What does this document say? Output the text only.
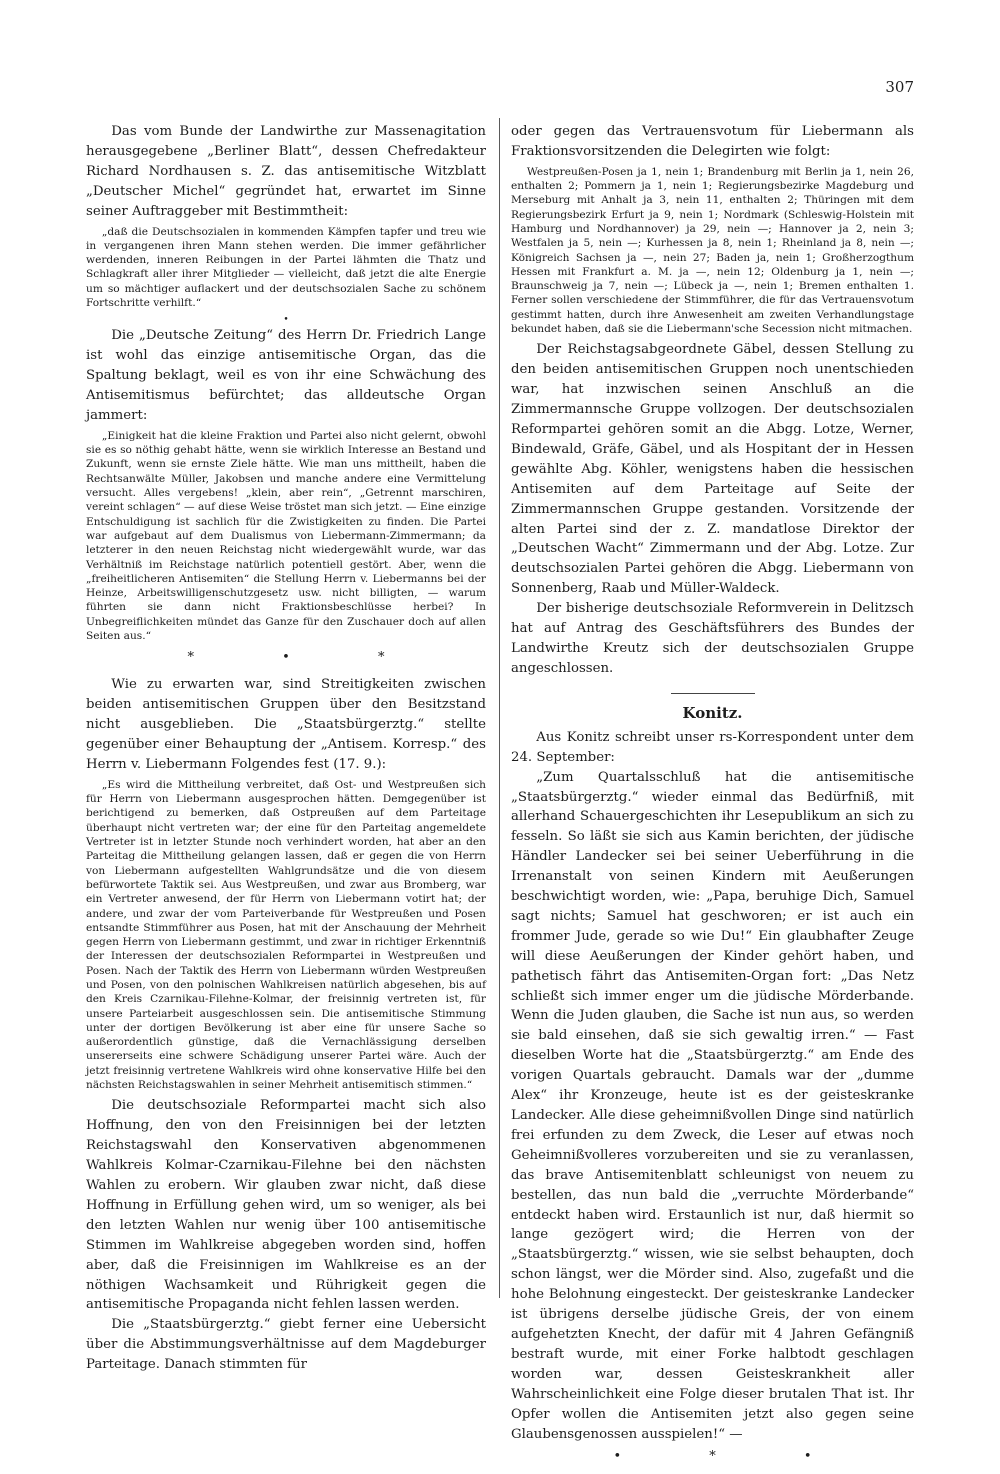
307

Das vom Bunde der Landwirthe zur Massenagitation herausgegebene „Berliner Blatt“, dessen Chefredakteur Richard Nordhausen s. Z. das antisemitische Witzblatt „Deutscher Michel“ gegründet hat, erwartet im Sinne seiner Auftraggeber mit Bestimmtheit:

„daß die Deutschsozialen in kommenden Kämpfen tapfer und treu wie in vergangenen ihren Mann stehen werden. Die immer gefährlicher werdenden, inneren Reibungen in der Partei lähmten die Thatz und Schlagkraft aller ihrer Mitglieder — vielleicht, daß jetzt die alte Energie um so mächtiger auflackert und der deutschsozialen Sache zu schönem Fortschritte verhilft.“

•

Die „Deutsche Zeitung“ des Herrn Dr. Friedrich Lange ist wohl das einzige antisemitische Organ, das die Spaltung beklagt, weil es von ihr eine Schwächung des Antisemitismus befürchtet; das alldeutsche Organ jammert:

„Einigkeit hat die kleine Fraktion und Partei also nicht gelernt, obwohl sie es so nöthig gehabt hätte, wenn sie wirklich Interesse an Bestand und Zukunft, wenn sie ernste Ziele hätte. Wie man uns mittheilt, haben die Rechtsanwälte Müller, Jakobsen und manche andere eine Vermittelung versucht. Alles vergebens! „klein, aber rein“, „Getrennt marschiren, vereint schlagen“ — auf diese Weise tröstet man sich jetzt. — Eine einzige Entschuldigung ist sachlich für die Zwistigkeiten zu finden. Die Partei war aufgebaut auf dem Dualismus von Liebermann-Zimmermann; da letzterer in den neuen Reichstag nicht wiedergewählt wurde, war das Verhältniß im Reichstage natürlich potentiell gestört. Aber, wenn die „freiheitlicheren Antisemiten“ die Stellung Herrn v. Liebermanns bei der Heinze, Arbeitswilligenschutzgesetz usw. nicht billigten, — warum führten sie dann nicht Fraktionsbeschlüsse herbei? In Unbegreiflichkeiten mündet das Ganze für den Zuschauer doch auf allen Seiten aus.“

* • *

Wie zu erwarten war, sind Streitigkeiten zwischen beiden antisemitischen Gruppen über den Besitzstand nicht ausgeblieben. Die „Staatsbürgerztg.“ stellte gegenüber einer Behauptung der „Antisem. Korresp.“ des Herrn v. Liebermann Folgendes fest (17. 9.):

„Es wird die Mittheilung verbreitet, daß Ost- und Westpreußen sich für Herrn von Liebermann ausgesprochen hätten. Demgegenüber ist berichtigend zu bemerken, daß Ostpreußen auf dem Parteitage überhaupt nicht vertreten war; der eine für den Parteitag angemeldete Vertreter ist in letzter Stunde noch verhindert worden, hat aber an den Parteitag die Mittheilung gelangen lassen, daß er gegen die von Herrn von Liebermann aufgestellten Wahlgrundsätze und die von diesem befürwortete Taktik sei. Aus Westpreußen, und zwar aus Bromberg, war ein Vertreter anwesend, der für Herrn von Liebermann votirt hat; der andere, und zwar der vom Parteiverbande für Westpreußen und Posen entsandte Stimmführer aus Posen, hat mit der Anschauung der Mehrheit gegen Herrn von Liebermann gestimmt, und zwar in richtiger Erkenntniß der Interessen der deutschsozialen Reformpartei in Westpreußen und Posen. Nach der Taktik des Herrn von Liebermann würden Westpreußen und Posen, von den polnischen Wahlkreisen natürlich abgesehen, bis auf den Kreis Czarnikau-Filehne-Kolmar, der freisinnig vertreten ist, für unsere Parteiarbeit ausgeschlossen sein. Die antisemitische Stimmung unter der dortigen Bevölkerung ist aber eine für unsere Sache so außerordentlich günstige, daß die Vernachlässigung derselben unsererseits eine schwere Schädigung unserer Partei wäre. Auch der jetzt freisinnig vertretene Wahlkreis wird ohne konservative Hilfe bei den nächsten Reichstagswahlen in seiner Mehrheit antisemitisch stimmen.“

Die deutschsoziale Reformpartei macht sich also Hoffnung, den von den Freisinnigen bei der letzten Reichstagswahl den Konservativen abgenommenen Wahlkreis Kolmar-Czarnikau-Filehne bei den nächsten Wahlen zu erobern. Wir glauben zwar nicht, daß diese Hoffnung in Erfüllung gehen wird, um so weniger, als bei den letzten Wahlen nur wenig über 100 antisemitische Stimmen im Wahlkreise abgegeben worden sind, hoffen aber, daß die Freisinnigen im Wahlkreise es an der nöthigen Wachsamkeit und Rührigkeit gegen die antisemitische Propaganda nicht fehlen lassen werden.

Die „Staatsbürgerztg.“ giebt ferner eine Uebersicht über die Abstimmungsverhältnisse auf dem Magdeburger Parteitage. Danach stimmten für

oder gegen das Vertrauensvotum für Liebermann als Fraktionsvorsitzenden die Delegirten wie folgt:

Westpreußen-Posen ja 1, nein 1; Brandenburg mit Berlin ja 1, nein 26, enthalten 2; Pommern ja 1, nein 1; Regierungsbezirke Magdeburg und Merseburg mit Anhalt ja 3, nein 11, enthalten 2; Thüringen mit dem Regierungsbezirk Erfurt ja 9, nein 1; Nordmark (Schleswig-Holstein mit Hamburg und Nordhannover) ja 29, nein —; Hannover ja 2, nein 3; Westfalen ja 5, nein —; Kurhessen ja 8, nein 1; Rheinland ja 8, nein —; Königreich Sachsen ja —, nein 27; Baden ja, nein 1; Großherzogthum Hessen mit Frankfurt a. M. ja —, nein 12; Oldenburg ja 1, nein —; Braunschweig ja 7, nein —; Lübeck ja —, nein 1; Bremen enthalten 1. Ferner sollen verschiedene der Stimmführer, die für das Vertrauensvotum gestimmt hatten, durch ihre Anwesenheit am zweiten Verhandlungstage bekundet haben, daß sie die Liebermann'sche Secession nicht mitmachen.

Der Reichstagsabgeordnete Gäbel, dessen Stellung zu den beiden antisemitischen Gruppen noch unentschieden war, hat inzwischen seinen Anschluß an die Zimmermannsche Gruppe vollzogen. Der deutschsozialen Reformpartei gehören somit an die Abgg. Lotze, Werner, Bindewald, Gräfe, Gäbel, und als Hospitant der in Hessen gewählte Abg. Köhler, wenigstens haben die hessischen Antisemiten auf dem Parteitage auf Seite der Zimmermannschen Gruppe gestanden. Vorsitzende der alten Partei sind der z. Z. mandatlose Direktor der „Deutschen Wacht“ Zimmermann und der Abg. Lotze. Zur deutschsozialen Partei gehören die Abgg. Liebermann von Sonnenberg, Raab und Müller-Waldeck.

Der bisherige deutschsoziale Reformverein in Delitzsch hat auf Antrag des Geschäftsführers des Bundes der Landwirthe Kreutz sich der deutschsozialen Gruppe angeschlossen.

Konitz.

Aus Konitz schreibt unser rs-Korrespondent unter dem 24. September:

„Zum Quartalsschluß hat die antisemitische „Staatsbürgerztg.“ wieder einmal das Bedürfniß, mit allerhand Schauergeschichten ihr Lesepublikum an sich zu fesseln. So läßt sie sich aus Kamin berichten, der jüdische Händler Landecker sei bei seiner Ueberführung in die Irrenanstalt von seinen Kindern mit Aeußerungen beschwichtigt worden, wie: „Papa, beruhige Dich, Samuel sagt nichts; Samuel hat geschworen; er ist auch ein frommer Jude, gerade so wie Du!“ Ein glaubhafter Zeuge will diese Aeußerungen der Kinder gehört haben, und pathetisch fährt das Antisemiten-Organ fort: „Das Netz schließt sich immer enger um die jüdische Mörderbande. Wenn die Juden glauben, die Sache ist nun aus, so werden sie bald einsehen, daß sie sich gewaltig irren.“ — Fast dieselben Worte hat die „Staatsbürgerztg.“ am Ende des vorigen Quartals gebraucht. Damals war der „dumme Alex“ ihr Kronzeuge, heute ist es der geisteskranke Landecker. Alle diese geheimnißvollen Dinge sind natürlich frei erfunden zu dem Zweck, die Leser auf etwas noch Geheimnißvolleres vorzubereiten und sie zu veranlassen, das brave Antisemitenblatt schleunigst von neuem zu bestellen, das nun bald die „verruchte Mörderbande“ entdeckt haben wird. Erstaunlich ist nur, daß hiermit so lange gezögert wird; die Herren von der „Staatsbürgerztg.“ wissen, wie sie selbst behaupten, doch schon längst, wer die Mörder sind. Also, zugefaßt und die hohe Belohnung eingesteckt. Der geisteskranke Landecker ist übrigens derselbe jüdische Greis, der von einem aufgehetzten Knecht, der dafür mit 4 Jahren Gefängniß bestraft wurde, mit einer Forke halbtodt geschlagen worden war, dessen Geisteskrankheit aller Wahrscheinlichkeit eine Folge dieser brutalen That ist. Ihr Opfer wollen die Antisemiten jetzt also gegen seine Glaubensgenossen ausspielen!“ —

• * •
